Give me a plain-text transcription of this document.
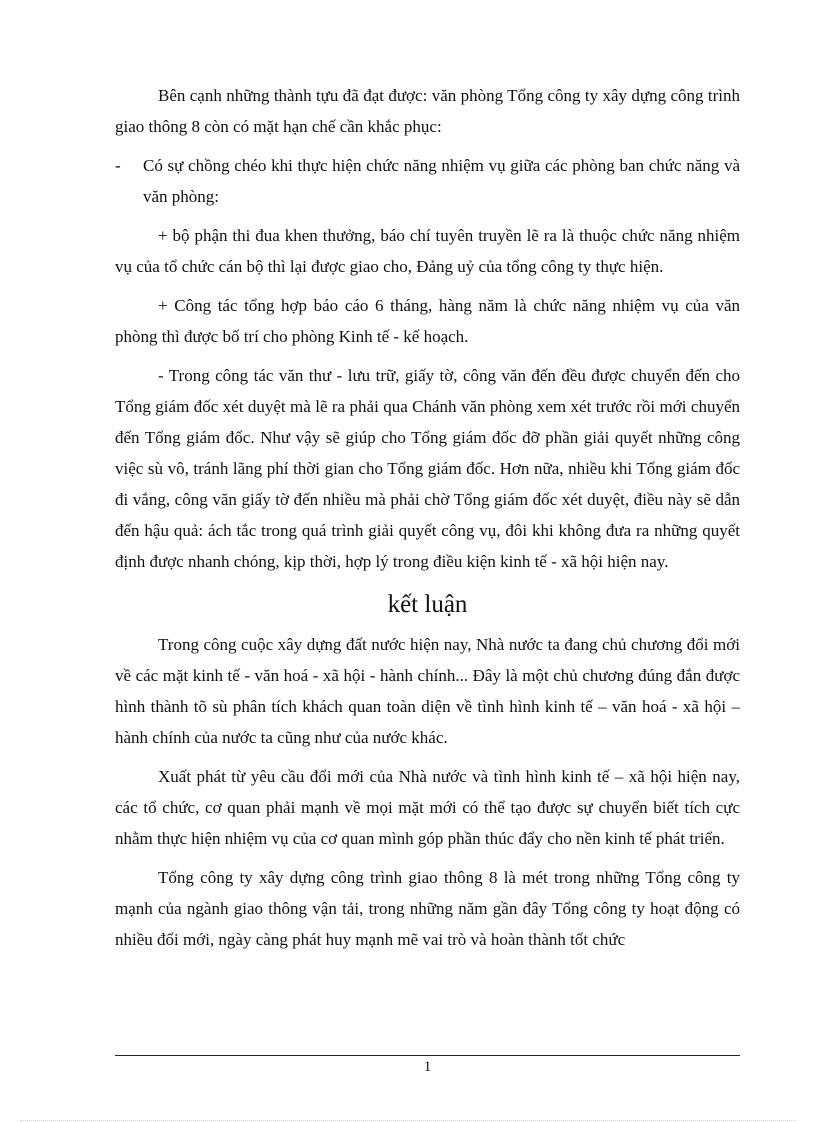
Bên cạnh những thành tựu đã đạt được: văn phòng Tổng công ty xây dựng công trình giao thông 8 còn có mặt hạn chế cần khắc phục:

- Có sự chồng chéo khi thực hiện chức năng nhiệm vụ giữa các phòng ban chức năng và văn phòng:

+ bộ phận thi đua khen thưởng, báo chí tuyên truyền lẽ ra là thuộc chức năng nhiệm vụ của tổ chức cán bộ thì lại được giao cho, Đảng uỷ của tổng công ty thực hiện.

+ Công tác tổng hợp báo cáo 6 tháng, hàng năm là chức năng nhiệm vụ của văn phòng thì được bố trí cho phòng Kinh tế - kế hoạch.

- Trong công tác văn thư - lưu trữ, giấy tờ, công văn đến đều được chuyển đến cho Tổng giám đốc xét duyệt mà lẽ ra phải qua Chánh văn phòng xem xét trước rồi mới chuyển đến Tổng giám đốc. Như vậy sẽ giúp cho Tổng giám đốc đỡ phần giải quyết những công việc sù vô, tránh lãng phí thời gian cho Tổng giám đốc. Hơn nữa, nhiều khi Tổng giám đốc đi vắng, công văn giấy tờ đến nhiều mà phải chờ Tổng giám đốc xét duyệt, điều này sẽ dẫn đến hậu quả: ách tắc trong quá trình giải quyết công vụ, đôi khi không đưa ra những quyết định được nhanh chóng, kịp thời, hợp lý trong điều kiện kinh tế - xã hội hiện nay.

kết luận

Trong công cuộc xây dựng đất nước hiện nay, Nhà nước ta đang chủ chương đổi mới về các mặt kinh tế - văn hoá - xã hội - hành chính... Đây là một chủ chương đúng đắn được hình thành tõ sù phân tích khách quan toàn diện về tình hình kinh tế – văn hoá - xã hội – hành chính của nước ta cũng như của nước khác.

Xuất phát từ yêu cầu đổi mới của Nhà nước và tình hình kinh tế – xã hội hiện nay, các tổ chức, cơ quan phải mạnh về mọi mặt mới có thể tạo được sự chuyển biết tích cực nhằm thực hiện nhiệm vụ của cơ quan mình góp phần thúc đẩy cho nền kinh tế phát triển.

Tổng công ty xây dựng công trình giao thông 8 là mét trong những Tổng công ty mạnh của ngành giao thông vận tải, trong những năm gần đây Tổng công ty hoạt động có nhiều đổi mới, ngày càng phát huy mạnh mẽ vai trò và hoàn thành tốt chức

1
